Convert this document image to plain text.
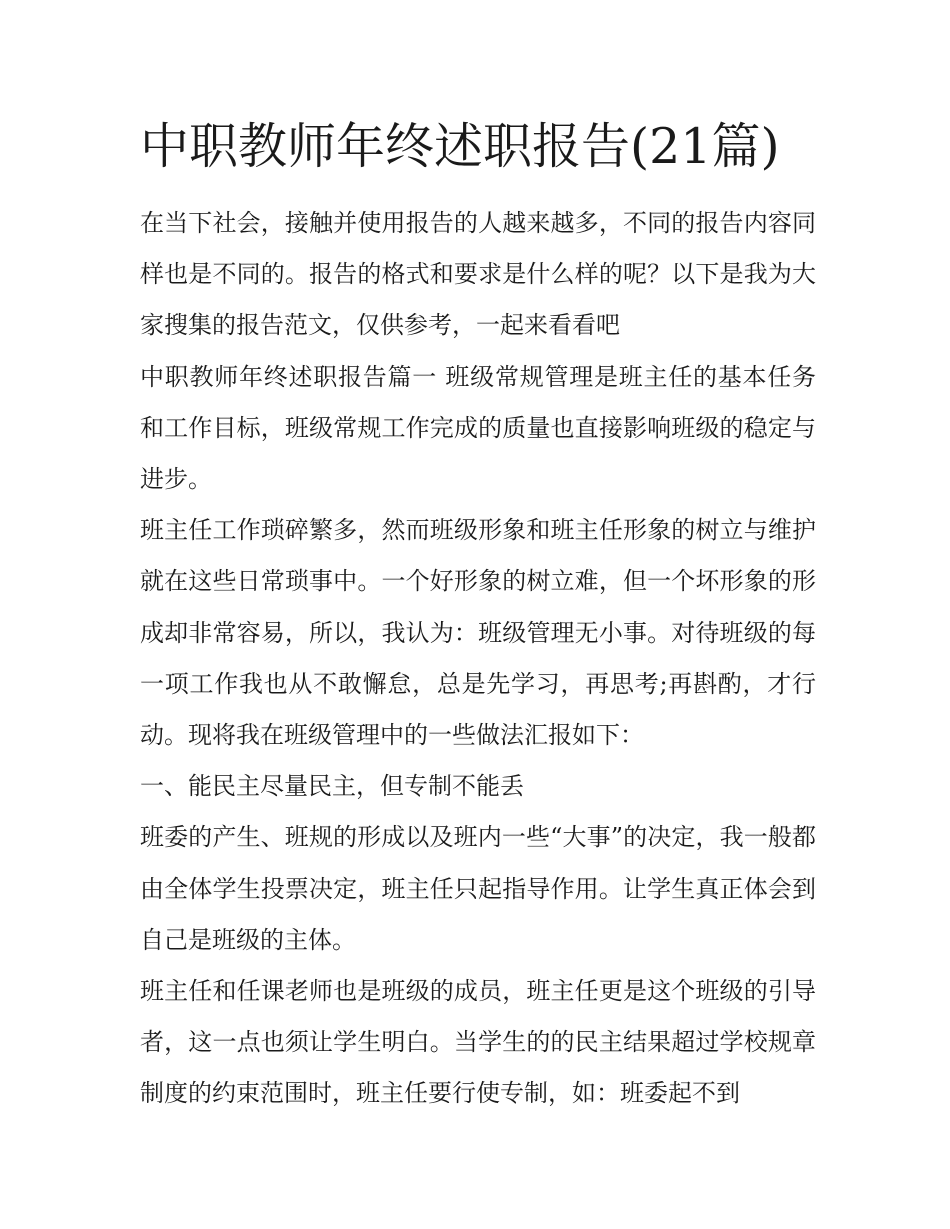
中职教师年终述职报告(21篇)

在当下社会，接触并使用报告的人越来越多，不同的报告内容同样也是不同的。报告的格式和要求是什么样的呢？以下是我为大家搜集的报告范文，仅供参考，一起来看看吧

中职教师年终述职报告篇一 班级常规管理是班主任的基本任务和工作目标，班级常规工作完成的质量也直接影响班级的稳定与进步。

班主任工作琐碎繁多，然而班级形象和班主任形象的树立与维护就在这些日常琐事中。一个好形象的树立难，但一个坏形象的形成却非常容易，所以，我认为：班级管理无小事。对待班级的每一项工作我也从不敢懈怠，总是先学习，再思考;再斟酌，才行动。现将我在班级管理中的一些做法汇报如下：

一、能民主尽量民主，但专制不能丢

班委的产生、班规的形成以及班内一些“大事”的决定，我一般都由全体学生投票决定，班主任只起指导作用。让学生真正体会到自己是班级的主体。

班主任和任课老师也是班级的成员，班主任更是这个班级的引导者，这一点也须让学生明白。当学生的的民主结果超过学校规章制度的约束范围时，班主任要行使专制，如：班委起不到
